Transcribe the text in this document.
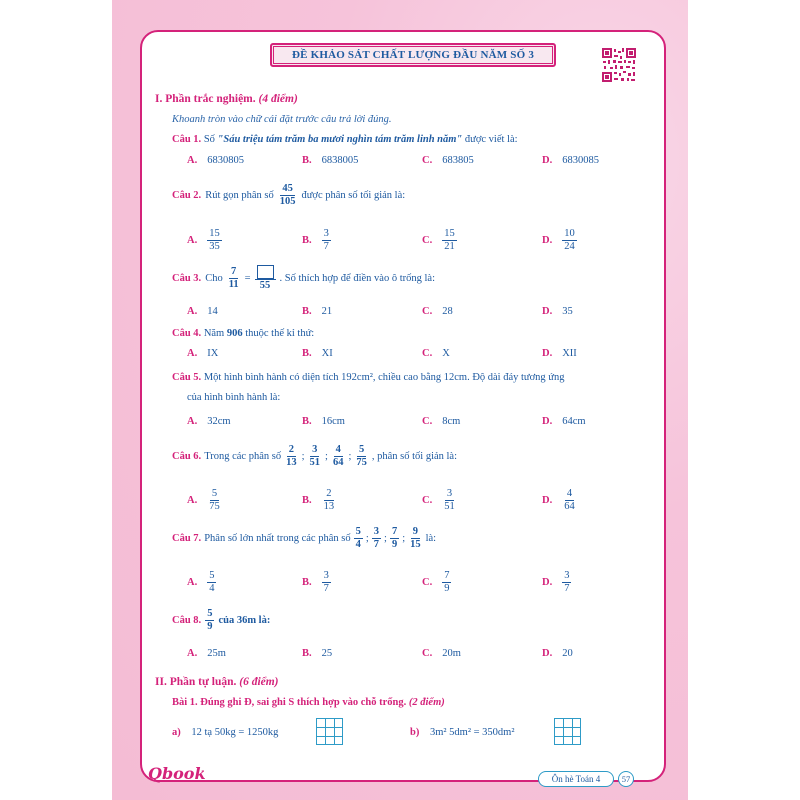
ĐỀ KHẢO SÁT CHẤT LƯỢNG ĐẦU NĂM SỐ 3
I. Phần trắc nghiệm. (4 điểm)
Khoanh tròn vào chữ cái đặt trước câu trả lời đúng.
Câu 1. Số "Sáu triệu tám trăm ba mươi nghìn tám trăm linh năm" được viết là:
A. 6830805	B. 6838005	C. 683805	D. 6830085
Câu 2. Rút gọn phân số $\frac{45}{105}$ được phân số tối giản là:
A. $\frac{15}{35}$	B. $\frac{3}{7}$	C. $\frac{15}{21}$	D. $\frac{10}{24}$
Câu 3. Cho $\frac{7}{11}$ =
55
. Số thích hợp để điền vào ô trống là:
A. 14	B. 21	C. 28	D. 35
Câu 4. Năm 906 thuộc thế kỉ thứ:
A. IX	B. XI	C. X	D. XII
Câu 5. Một hình bình hành có diện tích 192cm², chiều cao bằng 12cm. Độ dài đáy tương ứng
của hình bình hành là:
A. 32cm	B. 16cm	C. 8cm	D. 64cm
Câu 6. Trong các phân số $\frac{2}{13}$ ; $\frac{3}{51}$ ; $\frac{4}{64}$ ; $\frac{5}{75}$ , phân số tối giản là:
A. $\frac{5}{75}$	B. $\frac{2}{13}$	C. $\frac{3}{51}$	D. $\frac{4}{64}$
Câu 7. Phân số lớn nhất trong các phân số $\frac{5}{4}$ ; $\frac{3}{7}$ ; $\frac{7}{9}$ ; $\frac{9}{15}$ là:
A. $\frac{5}{4}$	B. $\frac{3}{7}$	C. $\frac{7}{9}$	D. $\frac{3}{7}$
Câu 8. $\frac{5}{9}$ của 36m là:
A. 25m	B. 25	C. 20m	D. 20
II. Phần tự luận. (6 điểm)
Bài 1. Đúng ghi Đ, sai ghi S thích hợp vào chỗ trống. (2 điểm)
a) 12 tạ 50kg = 1250kg	b) 3m² 5dm² = 350dm²
Qbook	Ôn hè Toán 4	57
